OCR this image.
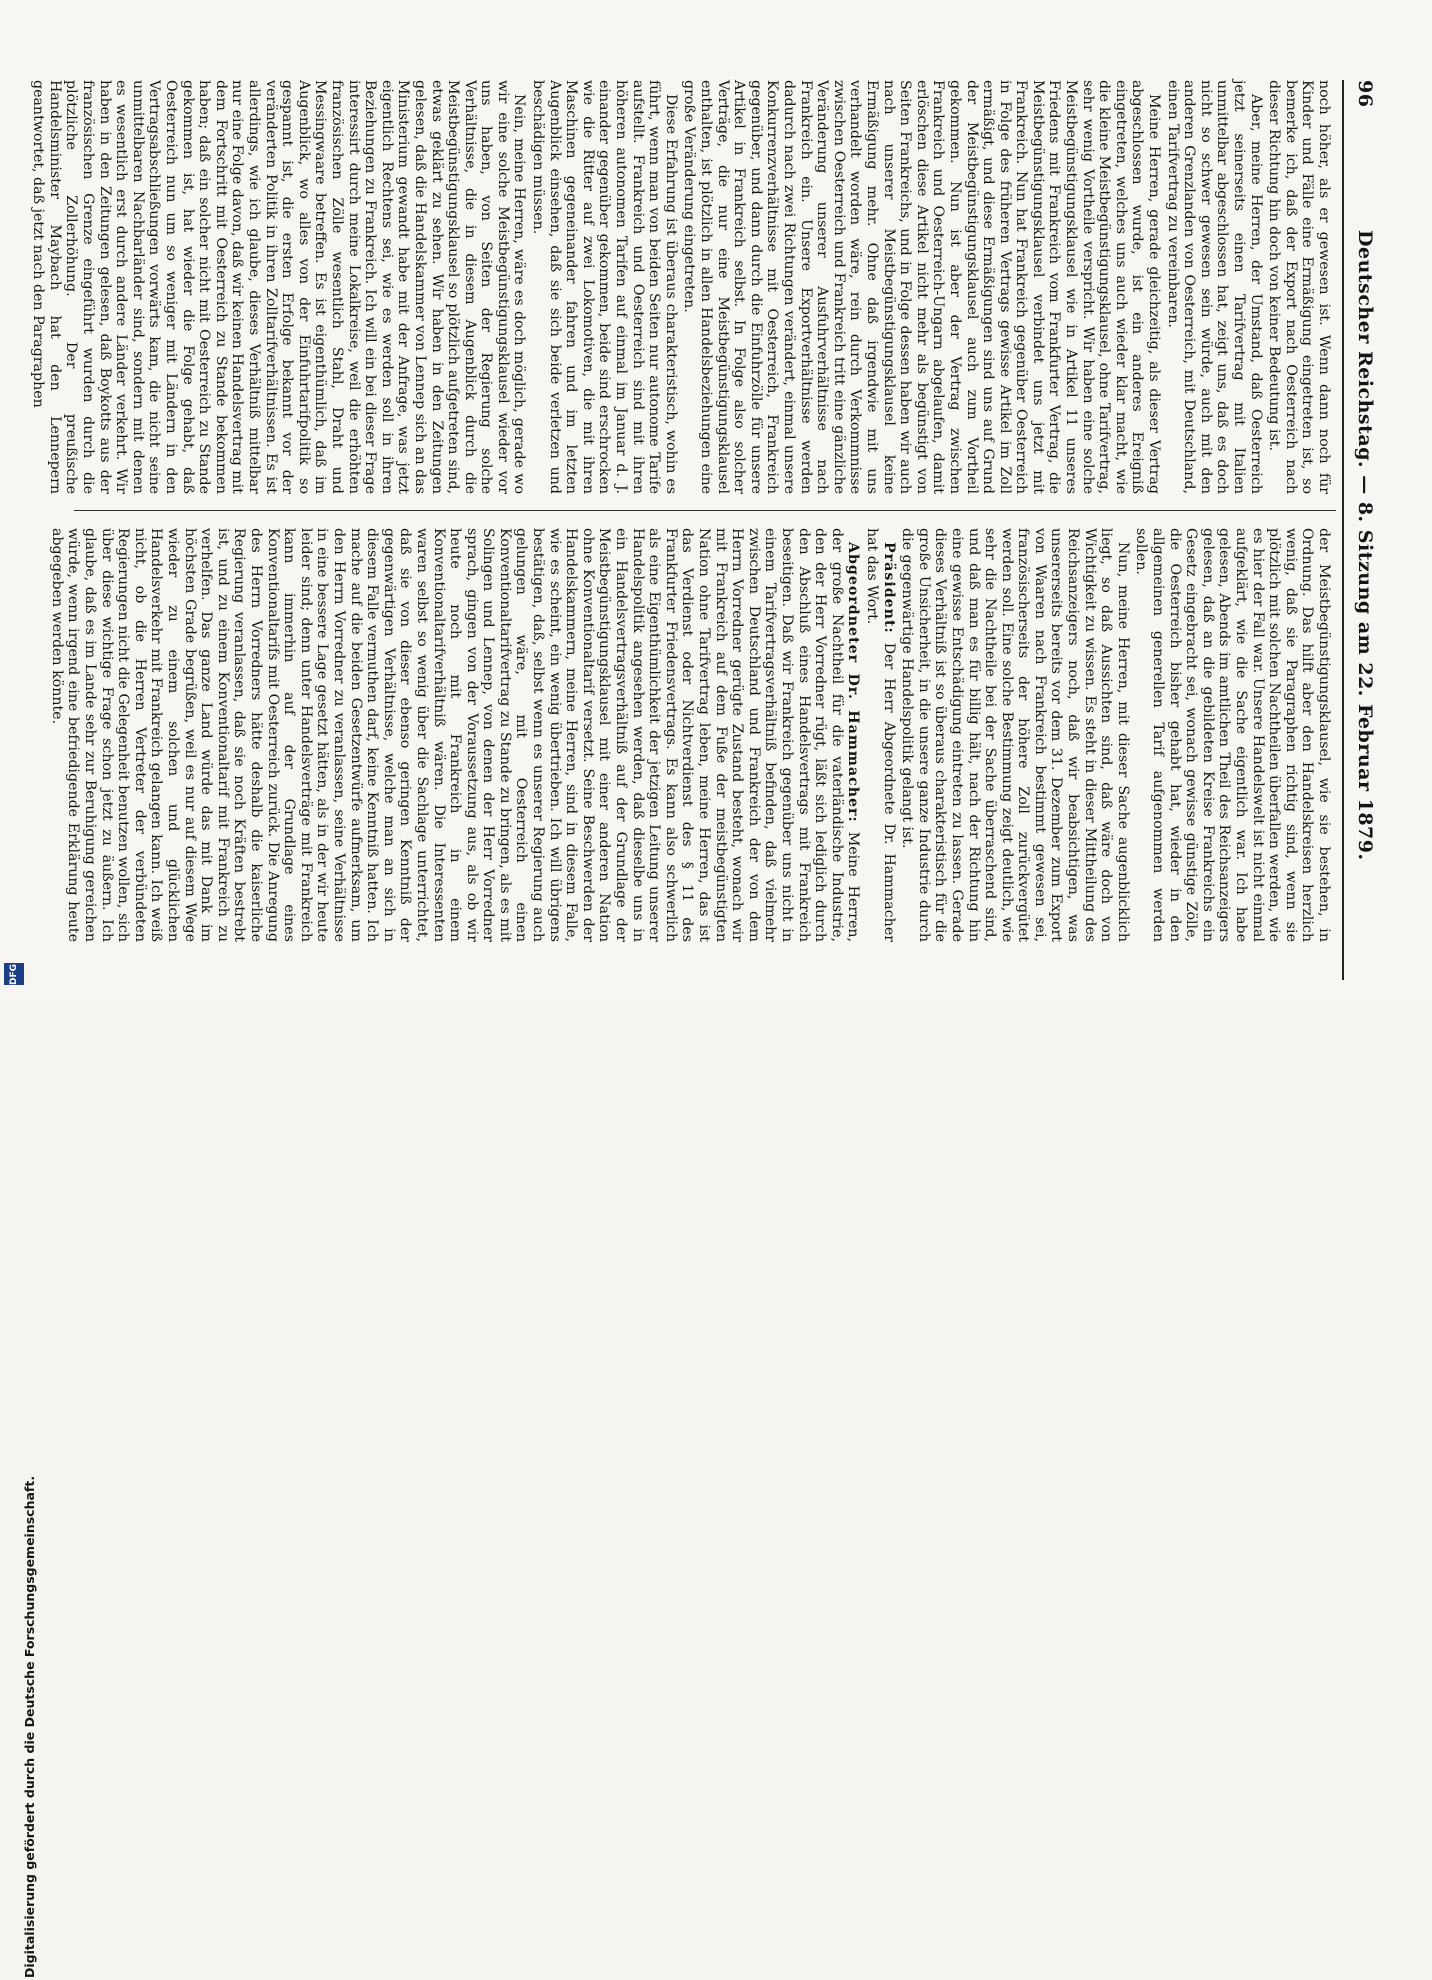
96
Deutscher Reichstag. — 8. Sitzung am 22. Februar 1879.

noch höher, als er gewesen ist. Wenn dann noch für Kinder und Fälle eine Ermäßigung eingetreten ist, so bemerke ich, daß der Export nach Oesterreich nach dieser Richtung hin doch von keiner Bedeutung ist.

Aber, meine Herren, der Umstand, daß Oesterreich jetzt seinerseits einen Tarifvertrag mit Italien unmittelbar abgeschlossen hat, zeigt uns, daß es doch nicht so schwer gewesen sein würde, auch mit den anderen Grenzlanden von Oesterreich, mit Deutschland, einen Tarifvertrag zu vereinbaren.

Meine Herren, gerade gleichzeitig, als dieser Vertrag abgeschlossen wurde, ist ein anderes Ereigniß eingetreten, welches uns auch wieder klar macht, wie die kleine Meistbegünstigungsklausel, ohne Tarifvertrag, sehr wenig Vortheile verspricht. Wir haben eine solche Meistbegünstigungsklausel wie in Artikel 11 unseres Friedens mit Frankreich vom Frankfurter Vertrag, die Meistbegünstigungsklausel verbindet uns jetzt mit Frankreich. Nun hat Frankreich gegenüber Oesterreich in Folge des früheren Vertrags gewisse Artikel im Zoll ermäßigt, und diese Ermäßigungen sind uns auf Grund der Meistbegünstigungsklausel auch zum Vortheil gekommen. Nun ist aber der Vertrag zwischen Frankreich und Oesterreich-Ungarn abgelaufen, damit erlöschen diese Artikel nicht mehr als begünstigt von Seiten Frankreichs, und in Folge dessen haben wir auch nach unserer Meistbegünstigungsklausel keine Ermäßigung mehr. Ohne daß irgendwie mit uns verhandelt worden wäre, rein durch Verkommnisse zwischen Oesterreich und Frankreich tritt eine gänzliche Veränderung unserer Ausfuhrverhältnisse nach Frankreich ein. Unsere Exportverhältnisse werden dadurch nach zwei Richtungen verändert, einmal unsere Konkurrenzverhältnisse mit Oesterreich, Frankreich gegenüber, und dann durch die Einfuhrzölle für unsere Artikel in Frankreich selbst. In Folge also solcher Verträge, die nur eine Meistbegünstigungsklausel enthalten, ist plötzlich in allen Handelsbeziehungen eine große Veränderung eingetreten.

Diese Erfahrung ist überaus charakteristisch, wohin es führt, wenn man von beiden Seiten nur autonome Tarife aufstellt. Frankreich und Oesterreich sind mit ihren höheren autonomen Tarifen auf einmal im Januar d. J. einander gegenüber gekommen, beide sind erschrocken wie die Ritter auf zwei Lokomotiven, die mit ihren Maschinen gegeneinander fahren und im letzten Augenblick einsehen, daß sie sich beide verletzen und beschädigen müssen.

Nein, meine Herren, wäre es doch möglich, gerade wo wir eine solche Meistbegünstigungsklausel wieder vor uns haben, von Seiten der Regierung solche Verhältnisse, die in diesem Augenblick durch die Meistbegünstigungsklausel so plötzlich aufgetreten sind, etwas geklärt zu sehen. Wir haben in den Zeitungen gelesen, daß die Handelskammer von Lennep sich an das Ministerium gewandt habe mit der Anfrage, was jetzt eigentlich Rechtens sei, wie es werden soll in ihren Beziehungen zu Frankreich. Ich will ein bei dieser Frage interessirt durch meine Lokalkreise, weil die erhöhten französischen Zölle wesentlich Stahl, Draht und Messingwaare betreffen. Es ist eigenthümlich, daß im Augenblick, wo alles von der Einfuhrtarifpolitik so gespannt ist, die ersten Erfolge bekannt vor der veränderten Politik in ihren Zolltarifverhältnissen. Es ist allerdings, wie ich glaube, dieses Verhältniß mittelbar nur eine Folge davon, daß wir keinen Handelsvertrag mit dem Fortschritt mit Oesterreich zu Stande bekommen haben; daß ein solcher nicht mit Oesterreich zu Stande gekommen ist, hat wieder die Folge gehabt, daß Oesterreich nun um so weniger mit Ländern in den Vertragsabschließungen vorwärts kam, die nicht seine unmittelbaren Nachbarländer sind, sondern mit denen es wesentlich erst durch andere Länder verkehrt. Wir haben in den Zeitungen gelesen, daß Boykotts aus der französischen Grenze eingeführt wurden durch die plötzliche Zollerhöhung. Der preußische Handelsminister Maybach hat den Lennepern geantwortet, daß jetzt nach den Paragraphen

der Meistbegünstigungsklausel, wie sie bestehen, in Ordnung. Das hilft aber den Handelskreisen herzlich wenig, daß sie Paragraphen richtig sind, wenn sie plötzlich mit solchen Nachtheilen überfallen werden, wie es hier der Fall war. Unsere Handelswelt ist nicht einmal aufgeklärt, wie die Sache eigentlich war. Ich habe gelesen, Abends im amtlichen Theil des Reichsanzeigers gelesen, daß an die gebildeten Kreise Frankreichs ein Gesetz eingebracht sei, wonach gewisse günstige Zölle, die Oesterreich bisher gehabt hat, wieder in den allgemeinen generellen Tarif aufgenommen werden sollen.

Nun, meine Herren, mit dieser Sache augenblicklich liegt, so daß Aussichten sind, daß wäre doch von Wichtigkeit zu wissen. Es steht in dieser Mittheilung des Reichsanzeigers noch, daß wir beabsichtigen, was unsererseits bereits vor dem 31. Dezember zum Export von Waaren nach Frankreich bestimmt gewesen sei, französischerseits der höhere Zoll zurückvergütet werden soll. Eine solche Bestimmung zeigt deutlich, wie sehr die Nachtheile bei der Sache überraschend sind, und daß man es für billig hält, nach der Richtung hin eine gewisse Entschädigung eintreten zu lassen. Gerade dieses Verhältniß ist so überaus charakteristisch für die große Unsicherheit, in die unsere ganze Industrie durch die gegenwärtige Handelspolitik gelangt ist.

Präsident: Der Herr Abgeordnete Dr. Hammacher hat das Wort.

Abgeordneter Dr. Hammacher: Meine Herren, der große Nachtheil für die vaterländische Industrie, den der Herr Vorredner rügt, läßt sich lediglich durch den Abschluß eines Handelsvertrags mit Frankreich beseitigen. Daß wir Frankreich gegenüber uns nicht in einem Tarifvertragsverhältniß befinden, daß vielmehr zwischen Deutschland und Frankreich der von dem Herrn Vorredner gerügte Zustand besteht, wonach wir mit Frankreich auf dem Fuße der meistbegünstigten Nation ohne Tarifvertrag leben, meine Herren, das ist das Verdienst oder Nichtverdienst des § 11 des Frankfurter Friedensvertrags. Es kann also schwerlich als eine Eigenthümlichkeit der jetzigen Leitung unserer Handelspolitik angesehen werden, daß dieselbe uns in ein Handelsvertragsverhältniß auf der Grundlage der Meistbegünstigungsklausel mit einer anderen Nation ohne Konventionaltarif versetzt. Seine Beschwerden der Handelskammern, meine Herren, sind in diesem Falle, wie es scheint, ein wenig übertrieben. Ich will übrigens bestätigen, daß, selbst wenn es unserer Regierung auch gelungen wäre, mit Oesterreich einen Konventionaltarifvertrag zu Stande zu bringen, als es mit Solingen und Lennep, von denen der Herr Vorredner sprach, gingen von der Voraussetzung aus, als ob wir heute noch mit Frankreich in einem Konventionaltarifverhältniß wären. Die Interessenten waren selbst so wenig über die Sachlage unterrichtet, daß sie von dieser ebenso geringen Kenntniß der gegenwärtigen Verhältnisse, welche man an sich in diesem Falle vermuthen darf, keine Kenntniß hatten. Ich mache auf die beiden Gesetzentwürfe aufmerksam, um den Herrn Vorredner zu veranlassen, seine Verhältnisse in eine bessere Lage gesetzt hätten, als in der wir heute leider sind; denn unter Handelsverträge mit Frankreich kann immerhin auf der Grundlage eines Konventionaltarifs mit Oesterreich zurück. Die Anregung des Herrn Vorredners hätte deshalb die kaiserliche Regierung veranlassen, daß sie noch Kräften bestrebt ist, und zu einem Konventionaltarif mit Frankreich zu verhelfen. Das ganze Land würde das mit Dank im höchsten Grade begrüßen, weil es nur auf diesem Wege wieder zu einem solchen und glücklichen Handelsverkehr mit Frankreich gelangen kann. Ich weiß nicht, ob die Herren Vertreter der verbündeten Regierungen nicht die Gelegenheit benutzen wollen, sich über diese wichtige Frage schon jetzt zu äußern. Ich glaube, daß es im Lande sehr zur Beruhigung gereichen würde, wenn irgend eine befriedigende Erklärung heute abgegeben werden könnte.

Digitalisierung gefördert durch die Deutsche Forschungsgemeinschaft.
DFG
